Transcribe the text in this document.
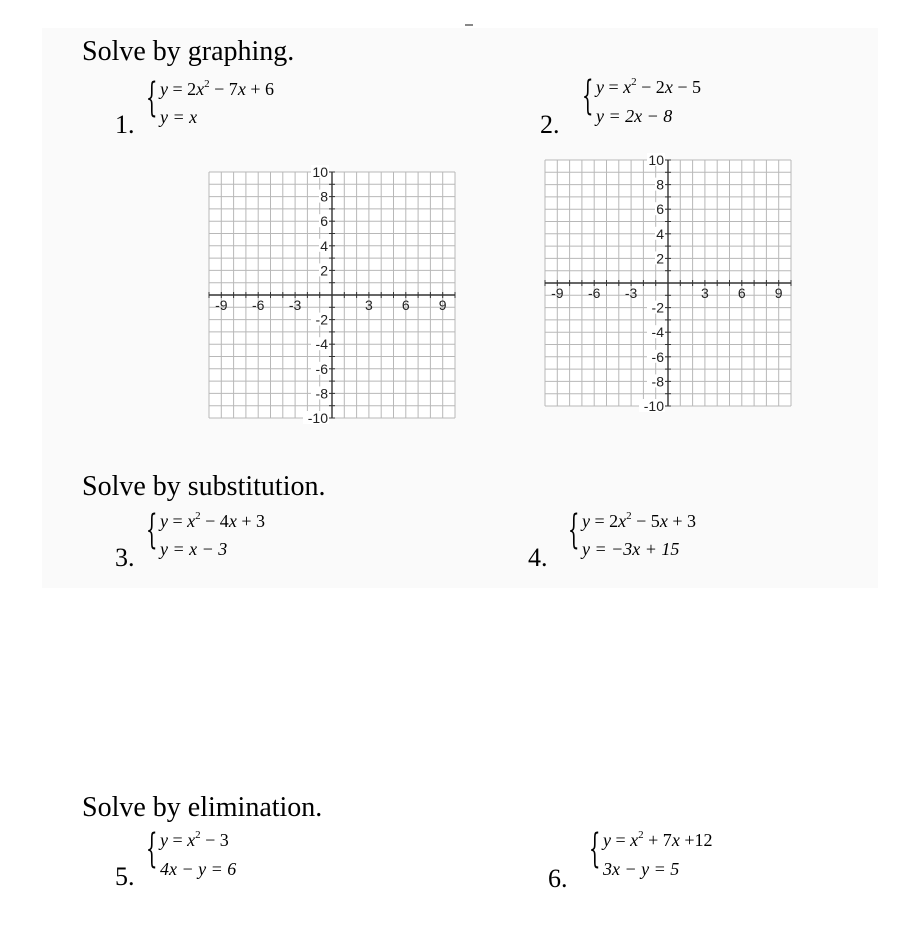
Solve by graphing.
1.
{ $y = 2x^2 - 7x + 6$
y = x	2.
{ $y = x^2 - 2x - 5$
y = 2x − 8
-9 -6 -3	3 6 9
10
8
6
4
2
-2
-4
-6
-8
-10
-9 -6 -3	3 6 9
10
8
6
4
2
-2
-4
-6
-8
-10
Solve by substitution.
3.
{ $y = x^2 - 4x + 3$
y = x − 3	4.
{ $y = 2x^2 - 5x + 3$
y = −3x + 15
Solve by elimination.
5.
{ $y = x^2 - 3$
4x − y = 6	6.
{ $y = x^2 + 7x +12$
3x − y = 5
